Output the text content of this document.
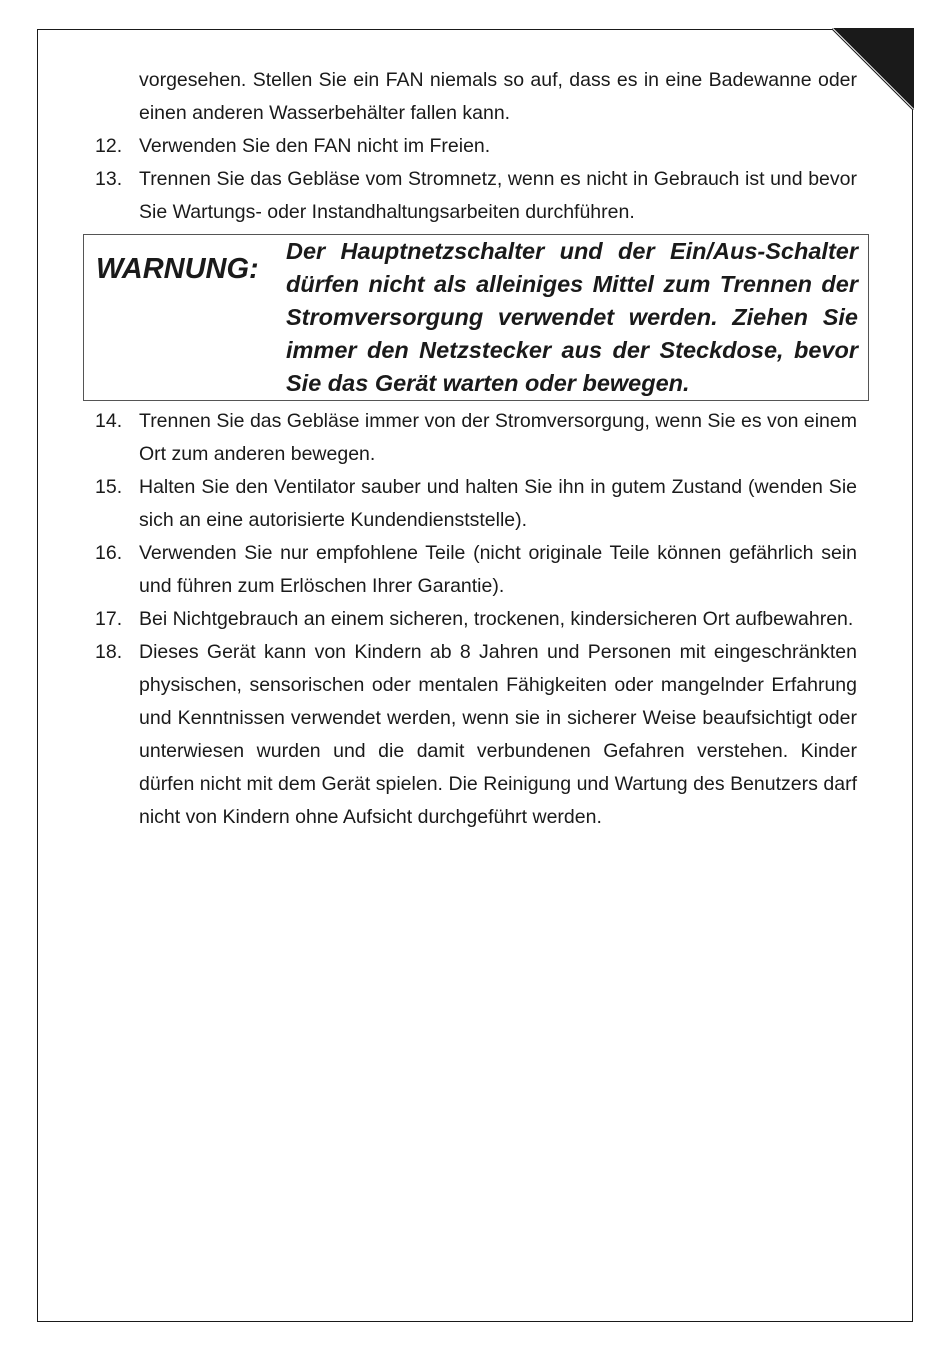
vorgesehen. Stellen Sie ein FAN niemals so auf, dass es in eine Badewanne oder einen anderen Wasserbehälter fallen kann.
12. Verwenden Sie den FAN nicht im Freien.
13. Trennen Sie das Gebläse vom Stromnetz, wenn es nicht in Gebrauch ist und bevor Sie Wartungs- oder Instandhaltungsarbeiten durchführen.
WARNUNG:
Der Hauptnetzschalter und der Ein/Aus-Schalter dürfen nicht als alleiniges Mittel zum Trennen der Stromversorgung verwendet werden. Ziehen Sie immer den Netzstecker aus der Steckdose, bevor Sie das Gerät warten oder bewegen.
14. Trennen Sie das Gebläse immer von der Stromversorgung, wenn Sie es von einem Ort zum anderen bewegen.
15. Halten Sie den Ventilator sauber und halten Sie ihn in gutem Zustand (wenden Sie sich an eine autorisierte Kundendienststelle).
16. Verwenden Sie nur empfohlene Teile (nicht originale Teile können gefährlich sein und führen zum Erlöschen Ihrer Garantie).
17. Bei Nichtgebrauch an einem sicheren, trockenen, kindersicheren Ort aufbewahren.
18. Dieses Gerät kann von Kindern ab 8 Jahren und Personen mit eingeschränkten physischen, sensorischen oder mentalen Fähigkeiten oder mangelnder Erfahrung und Kenntnissen verwendet werden, wenn sie in sicherer Weise beaufsichtigt oder unterwiesen wurden und die damit verbundenen Gefahren verstehen. Kinder dürfen nicht mit dem Gerät spielen. Die Reinigung und Wartung des Benutzers darf nicht von Kindern ohne Aufsicht durchgeführt werden.
